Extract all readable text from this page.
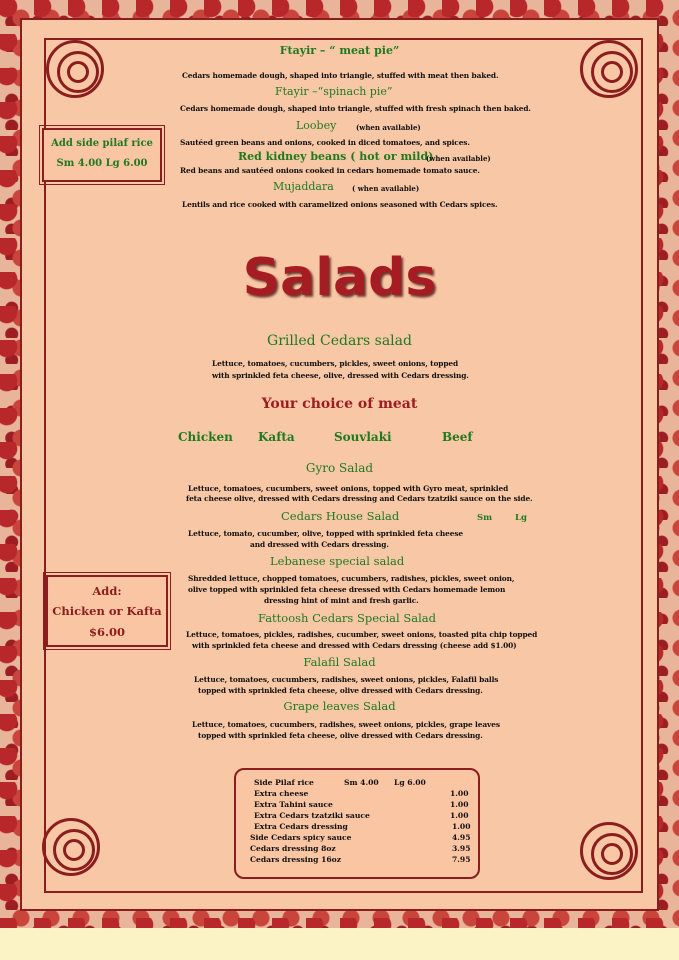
Ftayir – “ meat pie”
Cedars homemade dough, shaped into triangle, stuffed with meat then baked.
Ftayir –“spinach pie”
Cedars homemade dough, shaped into triangle, stuffed with fresh spinach then baked.
Loobey	(when available)
Sautéed green beans and onions, cooked in diced tomatoes, and spices.
Red kidney beans ( hot or mild)
(when available)
Red beans and sautéed onions cooked in cedars homemade tomato sauce.
Mujaddara	( when available)
Lentils and rice cooked with caramelized onions seasoned with Cedars spices.
Add side pilaf rice
Sm 4.00 Lg 6.00
Salads
Grilled Cedars salad
Lettuce, tomatoes, cucumbers, pickles, sweet onions, topped
with sprinkled feta cheese, olive, dressed with Cedars dressing.
Your choice of meat
Chicken Kafta	Souvlaki	Beef
Gyro Salad
Lettuce, tomatoes, cucumbers, sweet onions, topped with Gyro meat, sprinkled
feta cheese olive, dressed with Cedars dressing and Cedars tzatziki sauce on the side.
Cedars House Salad	Sm	Lg
Lettuce, tomato, cucumber, olive, topped with sprinkled feta cheese
and dressed with Cedars dressing.
Lebanese special salad
Shredded lettuce, chopped tomatoes, cucumbers, radishes, pickles, sweet onion,
olive topped with sprinkled feta cheese dressed with Cedars homemade lemon
dressing hint of mint and fresh garlic.
Fattoosh Cedars Special Salad
Lettuce, tomatoes, pickles, radishes, cucumber, sweet onions, toasted pita chip topped
with sprinkled feta cheese and dressed with Cedars dressing (cheese add $1.00)
Falafil Salad
Lettuce, tomatoes, cucumbers, radishes, sweet onions, pickles, Falafil balls
topped with sprinkled feta cheese, olive dressed with Cedars dressing.
Grape leaves Salad
Lettuce, tomatoes, cucumbers, radishes, sweet onions, pickles, grape leaves
topped with sprinkled feta cheese, olive dressed with Cedars dressing.
Add:
Chicken or Kafta
$6.00
Side Pilaf rice	Sm 4.00 Lg 6.00
Extra cheese	1.00
Extra Tahini sauce	1.00
Extra Cedars tzatziki sauce	1.00
Extra Cedars dressing	1.00
Side Cedars spicy sauce	4.95
Cedars dressing 8oz	3.95
Cedars dressing 16oz	7.95
